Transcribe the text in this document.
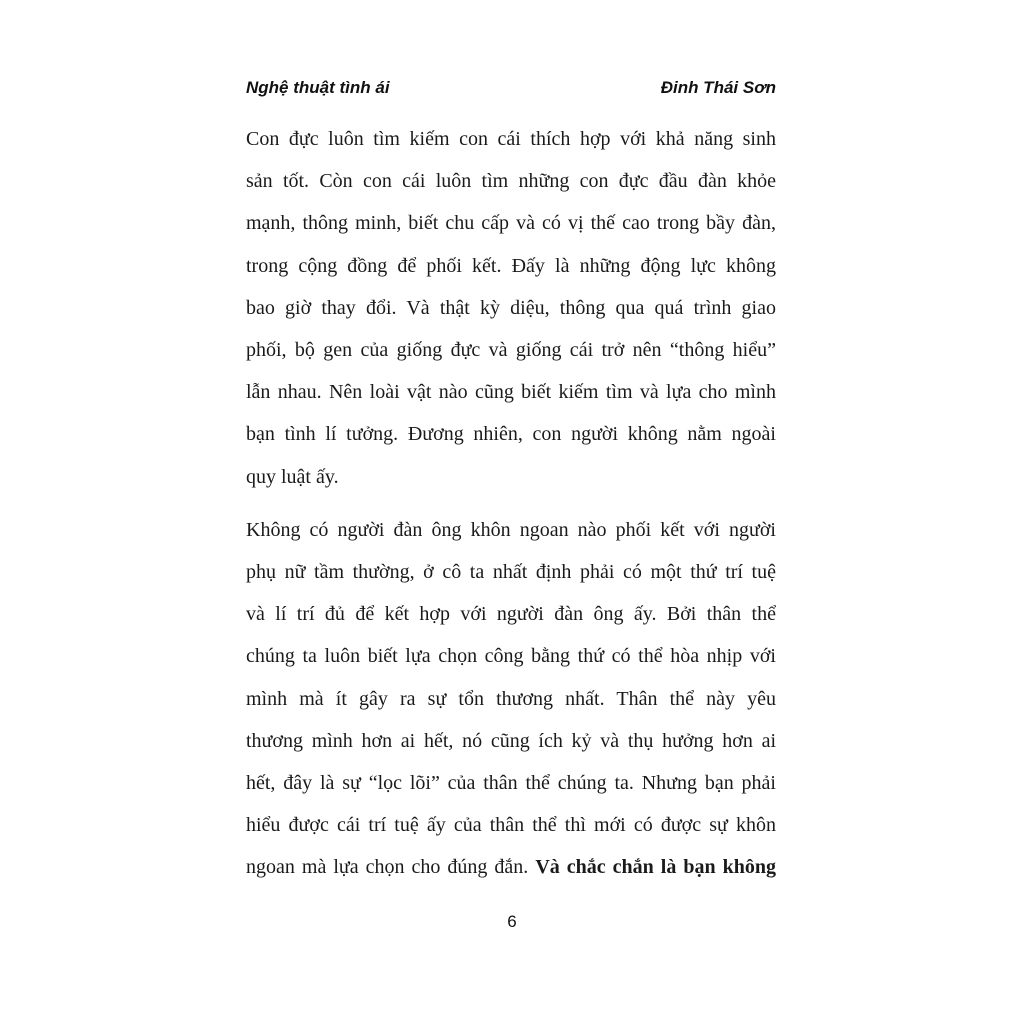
Nghệ thuật tình ái	Đinh Thái Sơn

Con đực luôn tìm kiếm con cái thích hợp với khả năng sinh
sản tốt. Còn con cái luôn tìm những con đực đầu đàn khỏe
mạnh, thông minh, biết chu cấp và có vị thế cao trong bầy đàn,
trong cộng đồng để phối kết. Đấy là những động lực không
bao giờ thay đổi. Và thật kỳ diệu, thông qua quá trình giao
phối, bộ gen của giống đực và giống cái trở nên “thông hiểu”
lẫn nhau. Nên loài vật nào cũng biết kiếm tìm và lựa cho mình
bạn tình lí tưởng. Đương nhiên, con người không nằm ngoài
quy luật ấy.

Không có người đàn ông khôn ngoan nào phối kết với người
phụ nữ tầm thường, ở cô ta nhất định phải có một thứ trí tuệ
và lí trí đủ để kết hợp với người đàn ông ấy. Bởi thân thể
chúng ta luôn biết lựa chọn công bằng thứ có thể hòa nhịp với
mình mà ít gây ra sự tổn thương nhất. Thân thể này yêu
thương mình hơn ai hết, nó cũng ích kỷ và thụ hưởng hơn ai
hết, đây là sự “lọc lõi” của thân thể chúng ta. Nhưng bạn phải
hiểu được cái trí tuệ ấy của thân thể thì mới có được sự khôn
ngoan mà lựa chọn cho đúng đắn. Và chắc chắn là bạn không

6
